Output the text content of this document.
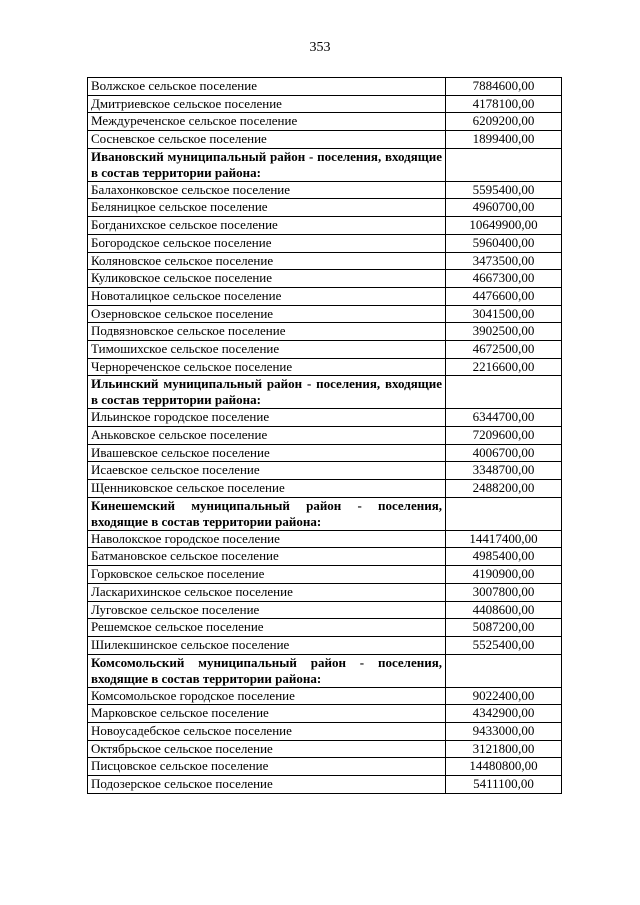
353
Волжское сельское поселение	7884600,00
Дмитриевское сельское поселение	4178100,00
Междуреченское сельское поселение	6209200,00
Сосневское сельское поселение	1899400,00
Ивановский муниципальный район - поселения, входящие в состав территории района:	
Балахонковское сельское поселение	5595400,00
Беляницкое сельское поселение	4960700,00
Богданихское сельское поселение	10649900,00
Богородское сельское поселение	5960400,00
Коляновское сельское поселение	3473500,00
Куликовское сельское поселение	4667300,00
Новоталицкое сельское поселение	4476600,00
Озерновское сельское поселение	3041500,00
Подвязновское сельское поселение	3902500,00
Тимошихское сельское поселение	4672500,00
Чернореченское сельское поселение	2216600,00
Ильинский муниципальный район - поселения, входящие в состав территории района:	
Ильинское городское поселение	6344700,00
Аньковское сельское поселение	7209600,00
Ивашевское сельское поселение	4006700,00
Исаевское сельское поселение	3348700,00
Щенниковское сельское поселение	2488200,00
Кинешемский муниципальный район - поселения, входящие в состав территории района:	
Наволокское городское поселение	14417400,00
Батмановское сельское поселение	4985400,00
Горковское сельское поселение	4190900,00
Ласкарихинское сельское поселение	3007800,00
Луговское сельское поселение	4408600,00
Решемское сельское поселение	5087200,00
Шилекшинское сельское поселение	5525400,00
Комсомольский муниципальный район - поселения, входящие в состав территории района:	
Комсомольское городское поселение	9022400,00
Марковское сельское поселение	4342900,00
Новоусадебское сельское поселение	9433000,00
Октябрьское сельское поселение	3121800,00
Писцовское сельское поселение	14480800,00
Подозерское сельское поселение	5411100,00
